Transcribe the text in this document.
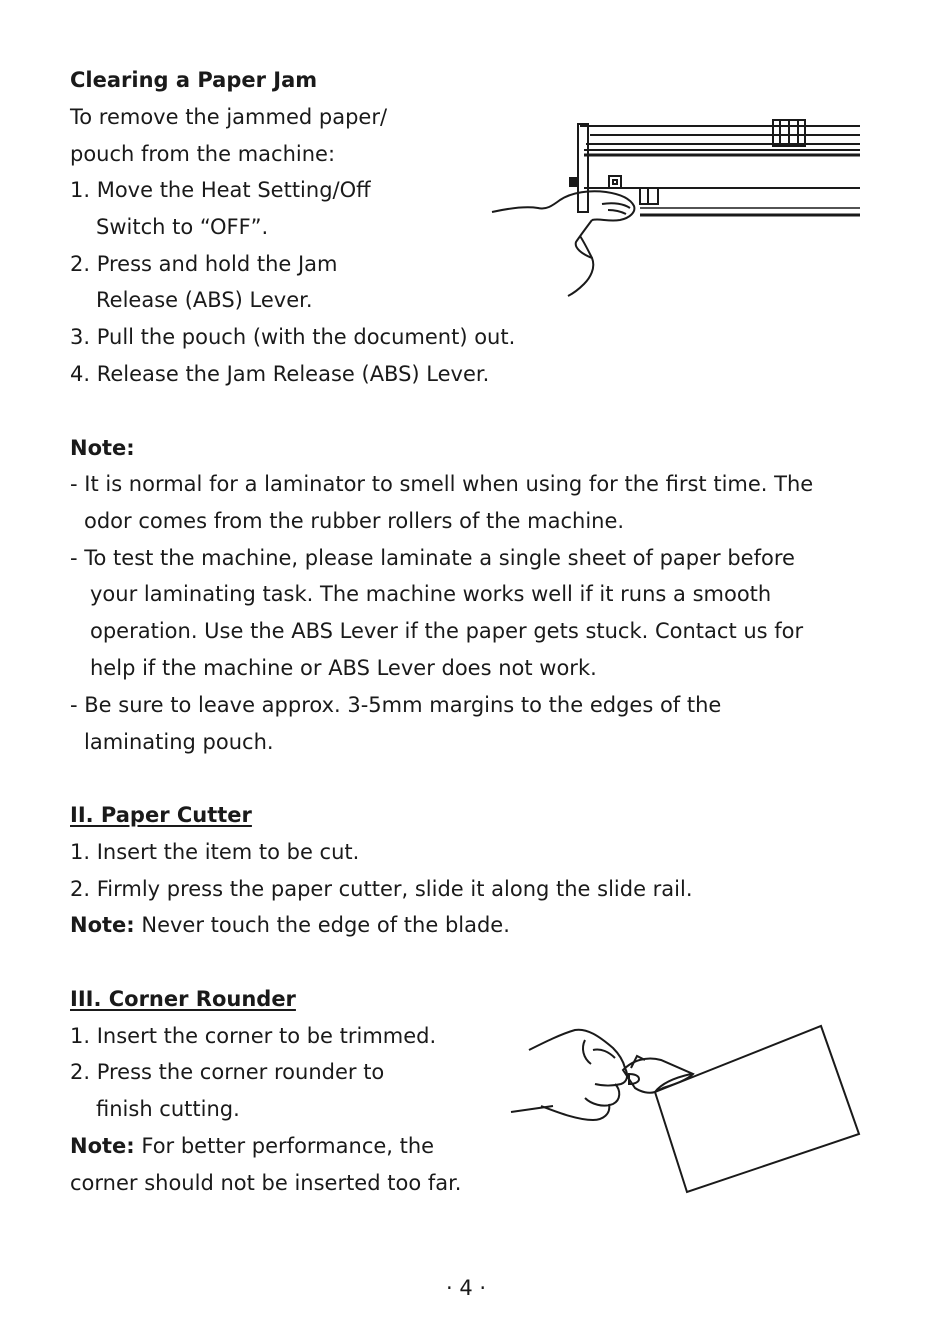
Clearing a Paper Jam
To remove the jammed paper/
pouch from the machine:
1. Move the Heat Setting/Off
Switch to “OFF”.
2. Press and hold the Jam
Release (ABS) Lever.
3. Pull the pouch (with the document) out.
4. Release the Jam Release (ABS) Lever.
Note:
- It is normal for a laminator to smell when using for the first time. The
odor comes from the rubber rollers of the machine.
- To test the machine, please laminate a single sheet of paper before
your laminating task. The machine works well if it runs a smooth
operation. Use the ABS Lever if the paper gets stuck. Contact us for
help if the machine or ABS Lever does not work.
- Be sure to leave approx. 3-5mm margins to the edges of the
laminating pouch.
II. Paper Cutter
1. Insert the item to be cut.
2. Firmly press the paper cutter, slide it along the slide rail.
Note: Never touch the edge of the blade.
III. Corner Rounder
1. Insert the corner to be trimmed.
2. Press the corner rounder to
finish cutting.
Note: For better performance, the
corner should not be inserted too far.
· 4 ·
